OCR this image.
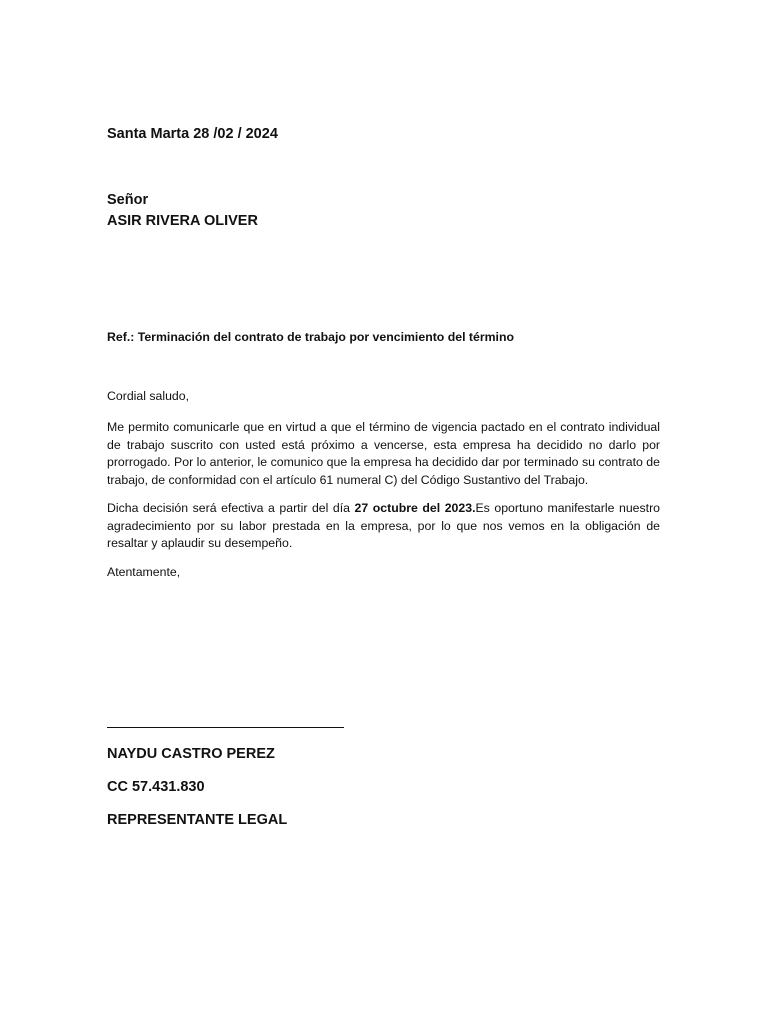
Santa Marta 28 /02 / 2024

Señor

ASIR RIVERA OLIVER

Ref.: Terminación del contrato de trabajo por vencimiento del término

Cordial saludo,

Me permito comunicarle que en virtud a que el término de vigencia pactado en el contrato individual de trabajo suscrito con usted está próximo a vencerse, esta empresa ha decidido no darlo por prorrogado. Por lo anterior, le comunico que la empresa ha decidido dar por terminado su contrato de trabajo, de conformidad con el artículo 61 numeral C) del Código Sustantivo del Trabajo.

Dicha decisión será efectiva a partir del día 27 octubre del 2023.Es oportuno manifestarle nuestro agradecimiento por su labor prestada en la empresa, por lo que nos vemos en la obligación de resaltar y aplaudir su desempeño.

Atentamente,

NAYDU CASTRO PEREZ

CC 57.431.830

REPRESENTANTE LEGAL
